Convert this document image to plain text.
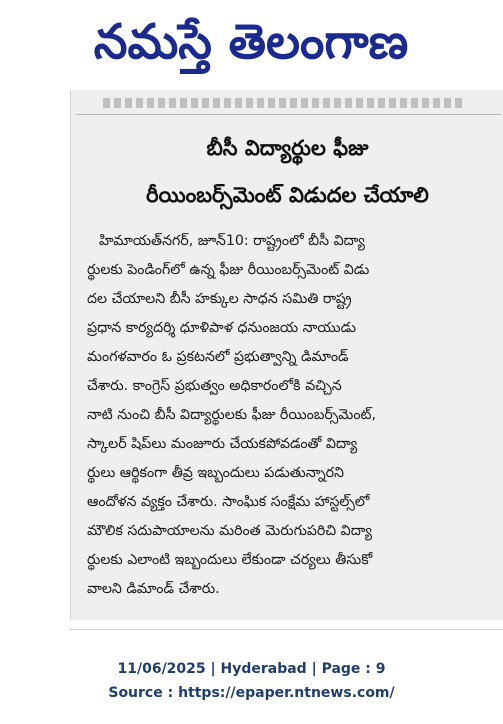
నమస్తే తెలంగాణ
బీసీ విద్యార్థుల ఫీజు
రీయింబర్స్‌మెంట్ విడుదల చేయాలి
హిమాయత్‌నగర్, జూన్10: రాష్ట్రంలో బీసీ విద్యా
ర్థులకు పెండింగ్‌లో ఉన్న ఫీజు రీయింబర్స్‌మెంట్ విడు
దల చేయాలని బీసీ హక్కుల సాధన సమితి రాష్ట్ర
ప్రధాన కార్యదర్శి ధూళిపాళ ధనుంజయ నాయుడు
మంగళవారం ఓ ప్రకటనలో ప్రభుత్వాన్ని డిమాండ్
చేశారు. కాంగ్రెస్ ప్రభుత్వం అధికారంలోకి వచ్చిన
నాటి నుంచి బీసీ విద్యార్థులకు ఫీజు రీయింబర్స్‌మెంట్,
స్కాలర్ షిప్‌లు మంజూరు చేయకపోవడంతో విద్యా
ర్థులు ఆర్థికంగా తీవ్ర ఇబ్బందులు పడుతున్నారని
ఆందోళన వ్యక్తం చేశారు. సాంఘిక సంక్షేమ హాస్టల్స్‌లో
మౌలిక సదుపాయాలను మరింత మెరుగుపరిచి విద్యా
ర్థులకు ఎలాంటి ఇబ్బందులు లేకుండా చర్యలు తీసుకో
వాలని డిమాండ్ చేశారు.
11/06/2025 | Hyderabad | Page : 9
Source : https://epaper.ntnews.com/
